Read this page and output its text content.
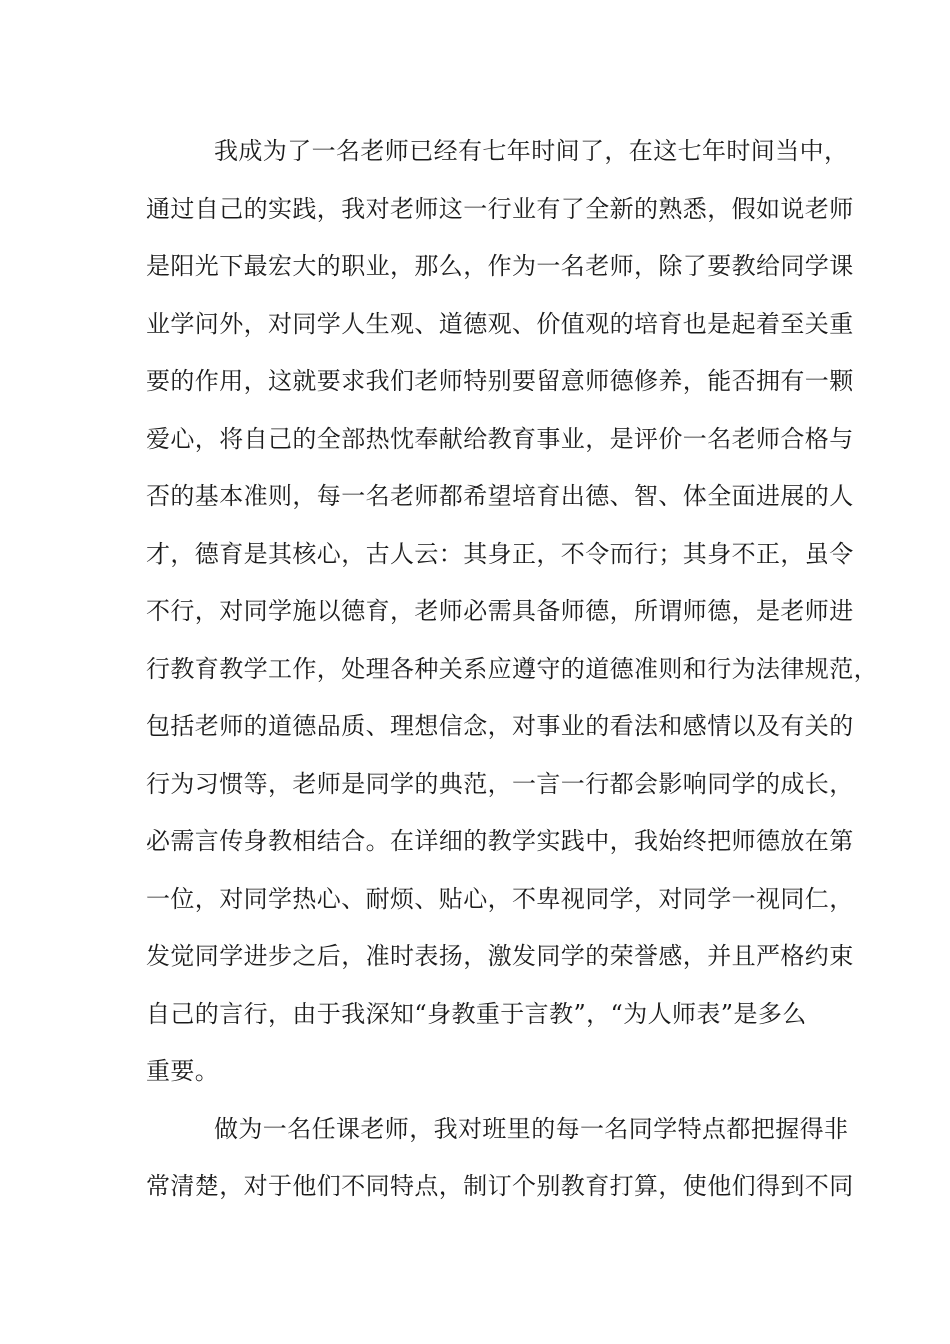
我成为了一名老师已经有七年时间了，在这七年时间当中，
通过自己的实践，我对老师这一行业有了全新的熟悉，假如说老师
是阳光下最宏大的职业，那么，作为一名老师，除了要教给同学课
业学问外，对同学人生观、道德观、价值观的培育也是起着至关重
要的作用，这就要求我们老师特别要留意师德修养，能否拥有一颗
爱心，将自己的全部热忱奉献给教育事业，是评价一名老师合格与
否的基本准则，每一名老师都希望培育出德、智、体全面进展的人
才，德育是其核心，古人云：其身正，不令而行；其身不正，虽令
不行，对同学施以德育，老师必需具备师德，所谓师德，是老师进
行教育教学工作，处理各种关系应遵守的道德准则和行为法律规范，
包括老师的道德品质、理想信念，对事业的看法和感情以及有关的
行为习惯等，老师是同学的典范，一言一行都会影响同学的成长，
必需言传身教相结合。在详细的教学实践中，我始终把师德放在第
一位，对同学热心、耐烦、贴心，不卑视同学，对同学一视同仁，
发觉同学进步之后，准时表扬，激发同学的荣誉感，并且严格约束
自己的言行，由于我深知“身教重于言教”，“为人师表”是多么
重要。
做为一名任课老师，我对班里的每一名同学特点都把握得非
常清楚，对于他们不同特点，制订个别教育打算，使他们得到不同
